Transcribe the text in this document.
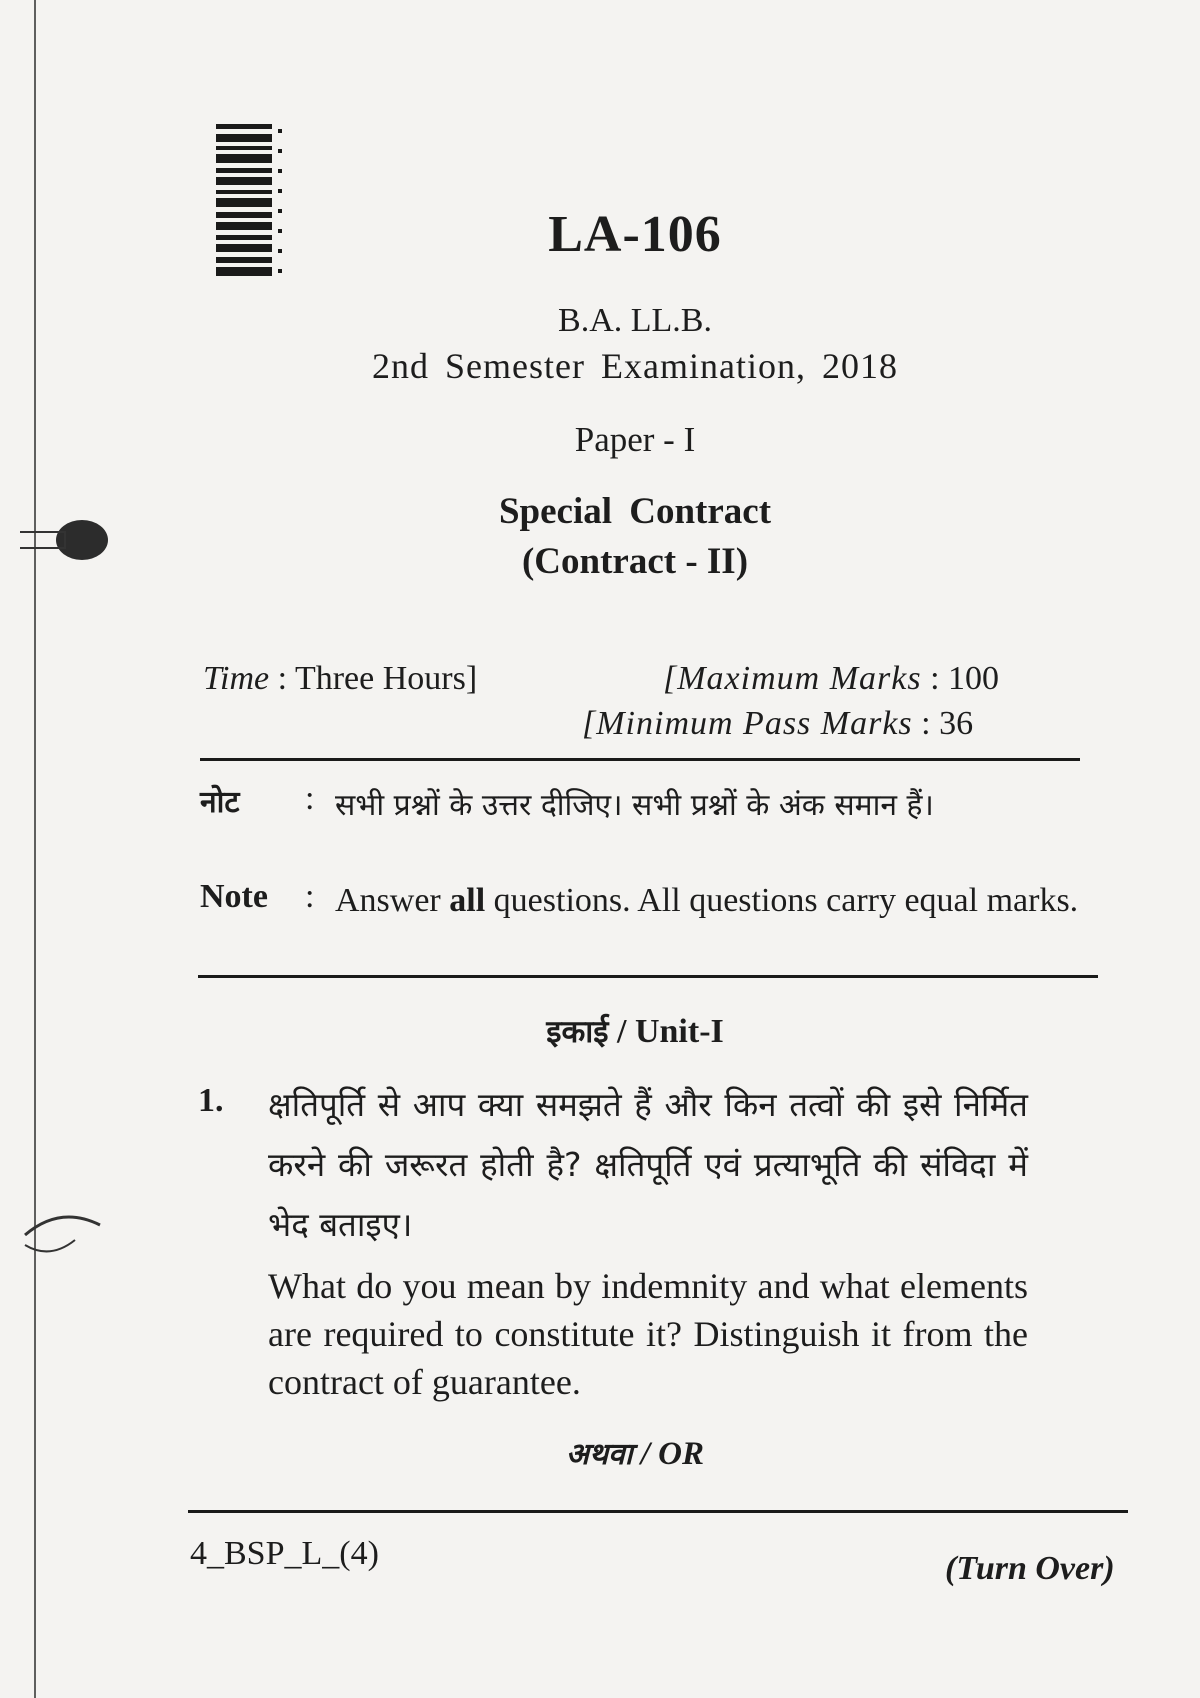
LA-106
B.A. LL.B.
2nd Semester Examination, 2018
Paper - I
Special Contract
(Contract - II)
Time : Three Hours]	[Maximum Marks : 100
[Minimum Pass Marks : 36
नोट : सभी प्रश्नों के उत्तर दीजिए। सभी प्रश्नों के अंक समान हैं।
Note : Answer all questions. All questions carry equal marks.
इकाई / Unit-I
1. क्षतिपूर्ति से आप क्या समझते हैं और किन तत्वों की इसे निर्मित करने की जरूरत होती है? क्षतिपूर्ति एवं प्रत्याभूति की संविदा में भेद बताइए।
What do you mean by indemnity and what elements are required to constitute it? Distinguish it from the contract of guarantee.
अथवा / OR
4_BSP_L_(4)	(Turn Over)
